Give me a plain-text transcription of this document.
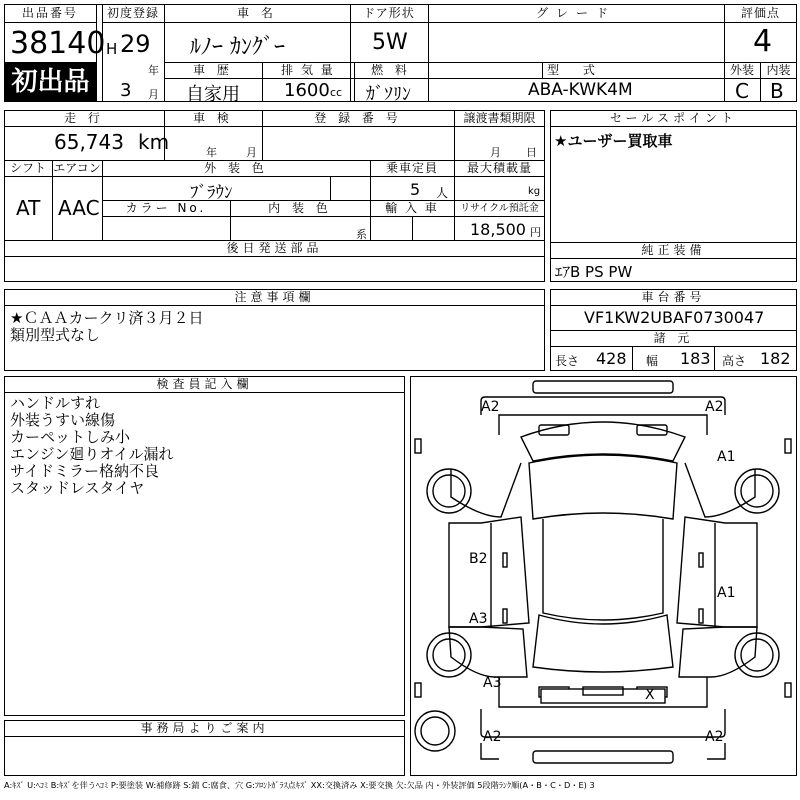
出品番号
38140
初出品
初度登録
H 29
年
3 月
車 名
ﾙﾉｰ ｶﾝｸﾞｰ
ドア形状
5W
グレード	評価点
4
車 歴
自家用
排 気 量
1600 cc
燃 料
ｶﾞｿﾘﾝ
型 式
ABA-KWK4M
外装	内装
C B
走 行
65,743 km
車 検
年	月
登 録 番 号	譲渡書類期限
月 日
シフト
AT
エアコン
AAC
外 装 色
ﾌﾞﾗｳﾝ
カラー No.	内 装 色
系
乗車定員
5 人
最大積載量
kg
輸 入 車	リサイクル預託金
18,500 円
後日発送部品
セールスポイント
★ユーザー買取車
純正装備
ｴｱB PS PW
注意事項欄
★ＣＡＡカークリ済３月２日
類別型式なし
車台番号
VF1KW2UBAF0730047
諸 元
長さ 428 幅 183 高さ 182
検査員記入欄
ハンドルすれ
外装うすい線傷
カーペットしみ小
エンジン廻りオイル漏れ
サイドミラー格納不良
スタッドレスタイヤ
事務局よりご案内
A2	A2
A1
B2
A1
A3
A3
X
A2	A2
A:ｷｽﾞ U:ﾍｺﾐ B:ｷｽﾞを伴うﾍｺﾐ P:要塗装 W:補修跡 S:錆 C:腐食、穴 G:ﾌﾛﾝﾄｶﾞﾗｽ点ｷｽﾞ XX:交換済み X:要交換 欠:欠品 内・外装評価 5段階ﾗﾝｸ順(A・B・C・D・E) 3
